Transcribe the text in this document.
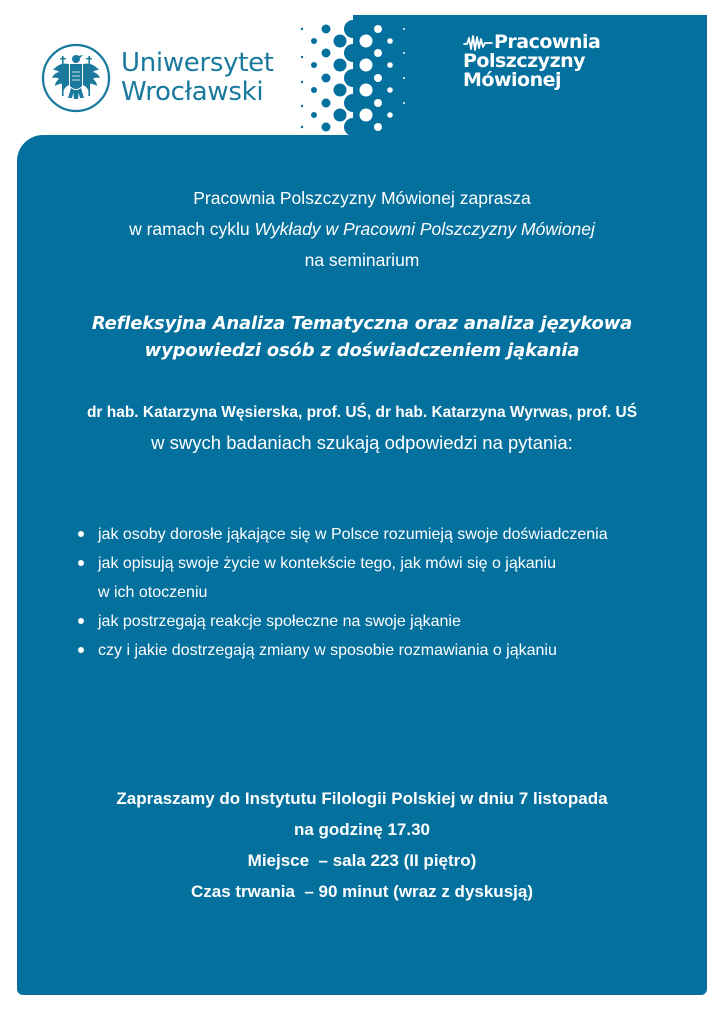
Uniwersytet
Wrocławski
Pracownia
Polszczyzny
Mówionej
Pracownia Polszczyzny Mówionej zaprasza
w ramach cyklu Wykłady w Pracowni Polszczyzny Mówionej
na seminarium
Refleksyjna Analiza Tematyczna oraz analiza językowa
wypowiedzi osób z doświadczeniem jąkania
dr hab. Katarzyna Węsierska, prof. UŚ, dr hab. Katarzyna Wyrwas, prof. UŚ
w swych badaniach szukają odpowiedzi na pytania:
jak osoby dorosłe jąkające się w Polsce rozumieją swoje doświadczenia
jak opisują swoje życie w kontekście tego, jak mówi się o jąkaniu
w ich otoczeniu
jak postrzegają reakcje społeczne na swoje jąkanie
czy i jakie dostrzegają zmiany w sposobie rozmawiania o jąkaniu
Zapraszamy do Instytutu Filologii Polskiej w dniu 7 listopada
na godzinę 17.30
Miejsce  – sala 223 (II piętro)
Czas trwania  – 90 minut (wraz z dyskusją)
